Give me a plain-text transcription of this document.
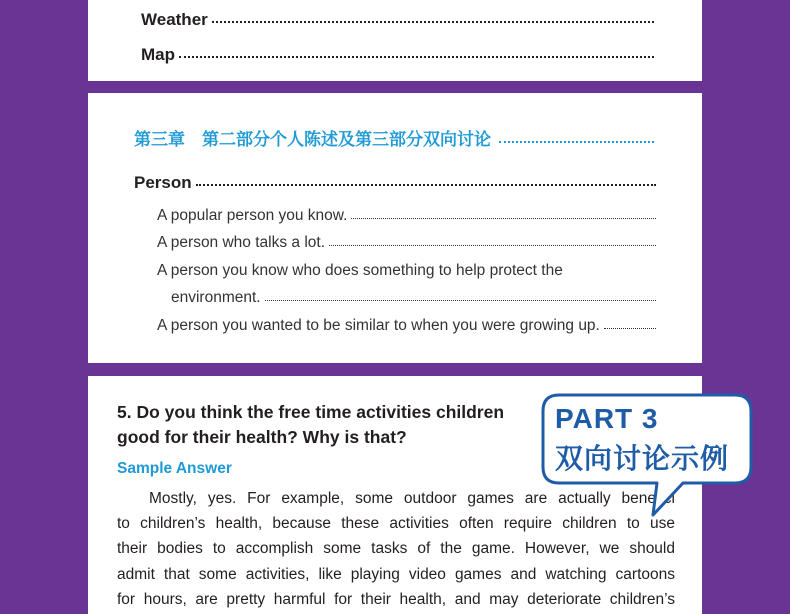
Weather
Map
第三章　第二部分个人陈述及第三部分双向讨论
Person
A popular person you know.
A person who talks a lot.
A person you know who does something to help protect the
environment.
A person you wanted to be similar to when you were growing up.
5. Do you think the free time activities children
good for their health? Why is that?
Sample Answer
Mostly, yes. For example, some outdoor games are actually benefici
to children’s health, because these activities often require children to use
their bodies to accomplish some tasks of the game. However, we should
admit that some activities, like playing video games and watching cartoons
for hours, are pretty harmful for their health, and may deteriorate children’s
PART 3
双向讨论示例
